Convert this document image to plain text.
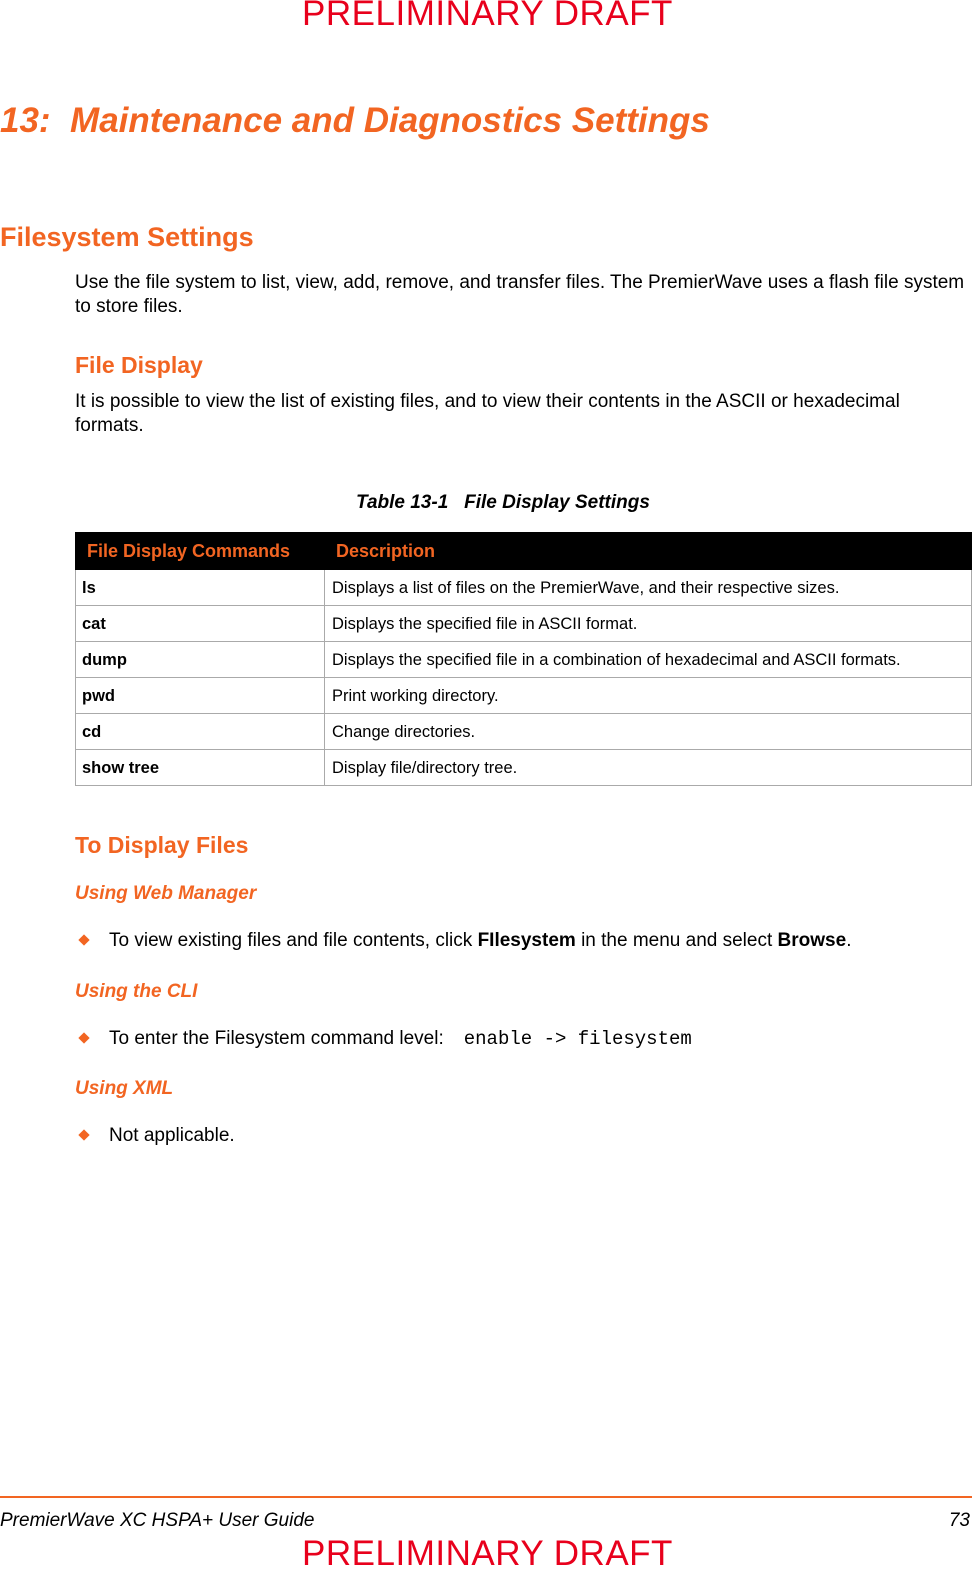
PRELIMINARY DRAFT
13:  Maintenance and Diagnostics Settings
Filesystem Settings

Use the file system to list, view, add, remove, and transfer files. The PremierWave uses a flash file system to store files.

File Display

It is possible to view the list of existing files, and to view their contents in the ASCII or hexadecimal formats.

Table 13-1   File Display Settings
File Display Commands	Description
ls	Displays a list of files on the PremierWave, and their respective sizes.
cat	Displays the specified file in ASCII format.
dump	Displays the specified file in a combination of hexadecimal and ASCII formats.
pwd	Print working directory.
cd	Change directories.
show tree	Display file/directory tree.
To Display Files
Using Web Manager
To view existing files and file contents, click FIlesystem in the menu and select Browse.
Using the CLI
To enter the Filesystem command level: enable -> filesystem
Using XML
Not applicable.
PremierWave XC HSPA+ User Guide	73
PRELIMINARY DRAFT
